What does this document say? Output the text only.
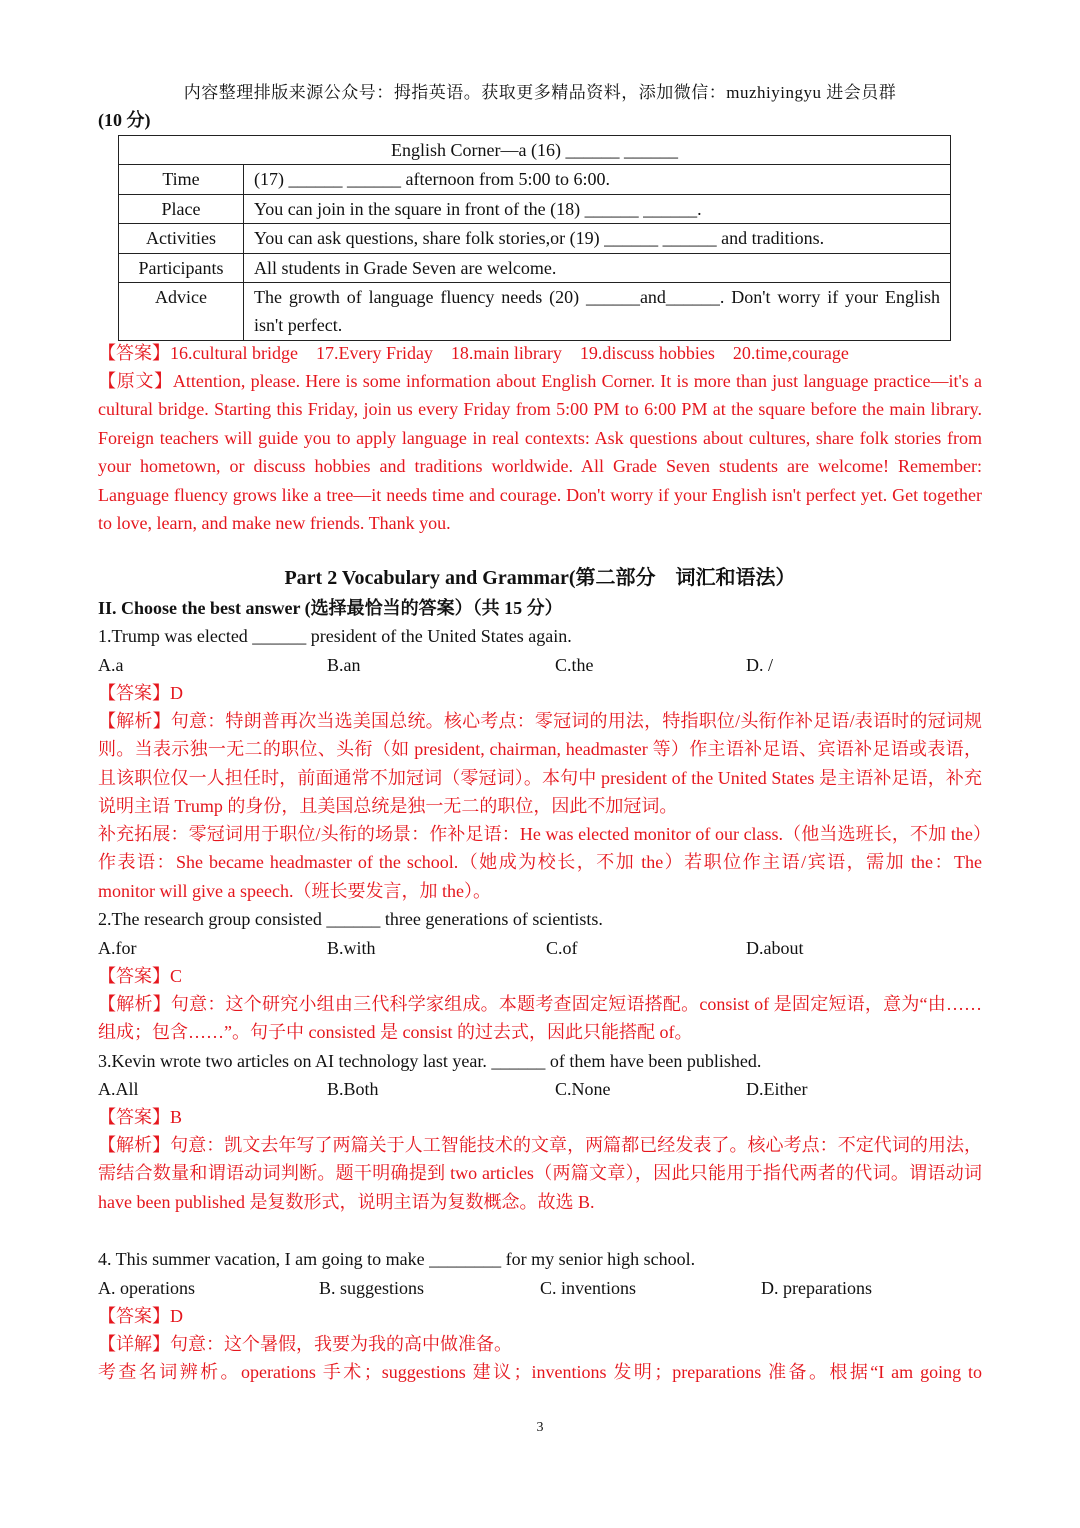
内容整理排版来源公众号：拇指英语。获取更多精品资料，添加微信：muzhiyingyu 进会员群
(10 分)
English Corner—a (16) ______ ______	
Time	(17) ______ ______ afternoon from 5:00 to 6:00.
Place	You can join in the square in front of the (18) ______ ______.
Activities	You can ask questions, share folk stories,or (19) ______ ______ and traditions.
Participants	All students in Grade Seven are welcome.
Advice	The growth of language fluency needs (20) ______and______. Don't worry if your English isn't perfect.
【答案】16.cultural bridge　17.Every Friday　18.main library　19.discuss hobbies　20.time,courage
【原文】Attention, please. Here is some information about English Corner. It is more than just language practice—it's a cultural bridge. Starting this Friday, join us every Friday from 5:00 PM to 6:00 PM at the square before the main library. Foreign teachers will guide you to apply language in real contexts: Ask questions about cultures, share folk stories from your hometown, or discuss hobbies and traditions worldwide. All Grade Seven students are welcome! Remember: Language fluency grows like a tree—it needs time and courage. Don't worry if your English isn't perfect yet. Get together to love, learn, and make new friends. Thank you.
Part 2 Vocabulary and Grammar(第二部分　词汇和语法）
II. Choose the best answer (选择最恰当的答案）（共 15 分）
1.Trump was elected ______ president of the United States again.
A.a	B.an	C.the	D. /
【答案】D
【解析】句意：特朗普再次当选美国总统。核心考点：零冠词的用法，特指职位/头衔作补足语/表语时的冠词规则。当表示独一无二的职位、头衔（如 president, chairman, headmaster 等）作主语补足语、宾语补足语或表语，且该职位仅一人担任时，前面通常不加冠词（零冠词）。本句中 president of the United States 是主语补足语，补充说明主语 Trump 的身份，且美国总统是独一无二的职位，因此不加冠词。
补充拓展：零冠词用于职位/头衔的场景：作补足语：He was elected monitor of our class.（他当选班长，不加 the）作表语：She became headmaster of the school.（她成为校长，不加 the）若职位作主语/宾语，需加 the：The monitor will give a speech.（班长要发言，加 the）。
2.The research group consisted ______ three generations of scientists.
A.for	B.with	C.of	D.about
【答案】C
【解析】句意：这个研究小组由三代科学家组成。本题考查固定短语搭配。consist of 是固定短语，意为“由……组成；包含……”。句子中 consisted 是 consist 的过去式，因此只能搭配 of。
3.Kevin wrote two articles on AI technology last year. ______ of them have been published.
A.All	B.Both	C.None	D.Either
【答案】B
【解析】句意：凯文去年写了两篇关于人工智能技术的文章，两篇都已经发表了。核心考点：不定代词的用法，需结合数量和谓语动词判断。题干明确提到 two articles（两篇文章），因此只能用于指代两者的代词。谓语动词 have been published 是复数形式，说明主语为复数概念。故选 B.
4. This summer vacation, I am going to make ________ for my senior high school.
A. operations	B. suggestions	C. inventions	D. preparations
【答案】D
【详解】句意：这个暑假，我要为我的高中做准备。
考查名词辨析。operations 手术；suggestions 建议；inventions 发明；preparations 准备。根据“I am going to
3
